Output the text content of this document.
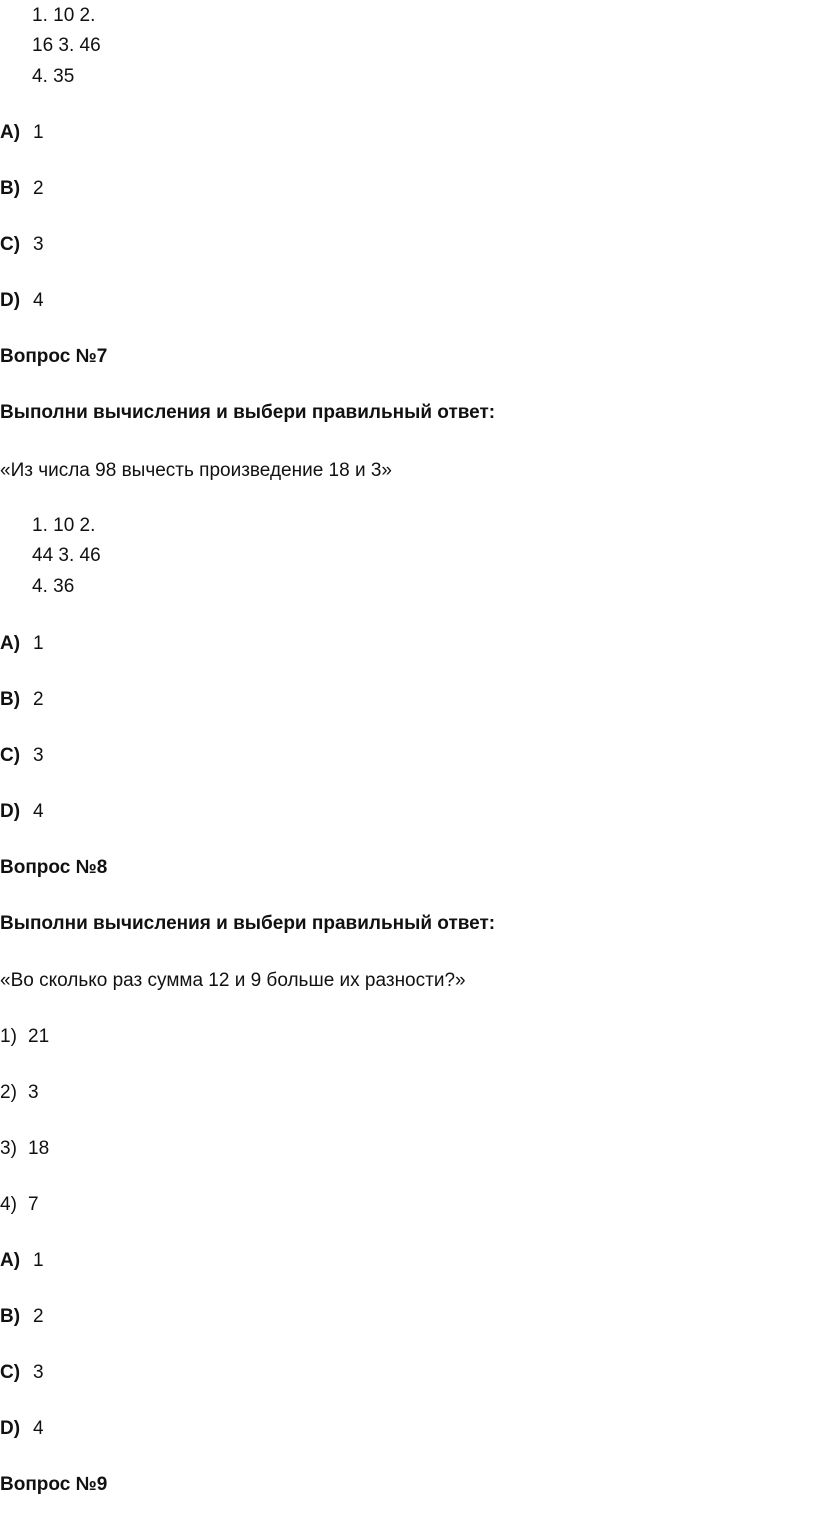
1. 10 2.
16 3. 46
4. 35
A) 1
B) 2
C) 3
D) 4
Вопрос №7
Выполни вычисления и выбери правильный ответ:
«Из числа 98 вычесть произведение 18 и 3»
1. 10 2.
44 3. 46
4. 36
A) 1
B) 2
C) 3
D) 4
Вопрос №8
Выполни вычисления и выбери правильный ответ:
«Во сколько раз сумма 12 и 9 больше их разности?»
1) 21
2) 3
3) 18
4) 7
A) 1
B) 2
C) 3
D) 4
Вопрос №9
